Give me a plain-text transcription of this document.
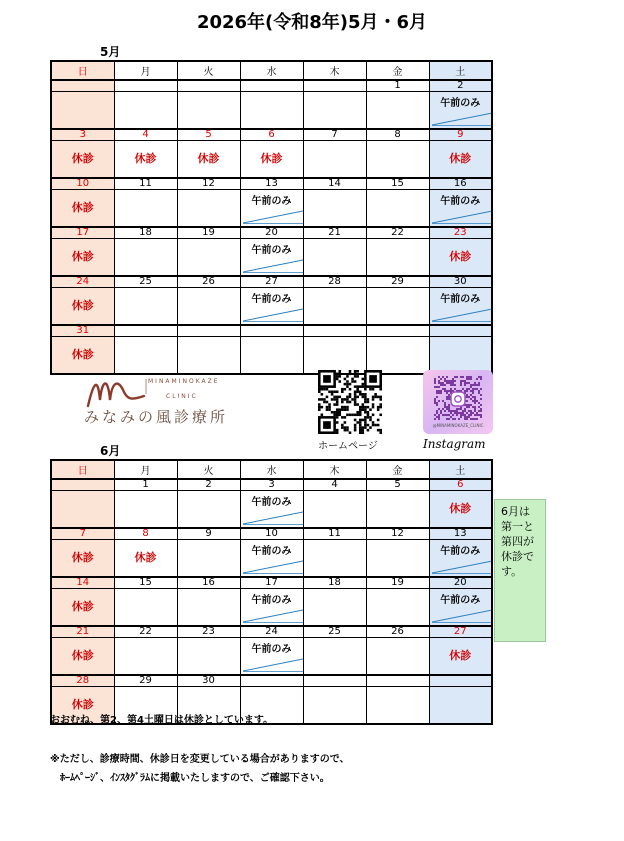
2026年(令和8年)5月・6月
5月
日	月	火	水	木	金	土
					1	2

						午前のみ

3	4	5	6	7	8	9

休診	休診	休診	休診			休診

10	11	12	13	14	15	16

休診			午前のみ			午前のみ

17	18	19	20	21	22	23

休診			午前のみ			休診

24	25	26	27	28	29	30

休診			午前のみ			午前のみ

31						

休診						

MINAMINOKAZE
CLINIC
みなみの風診療所
ホームページ
@MINAMINOKAZE_CLINIC
Instagram
6月
日	月	火	水	木	金	土
	1	2	3	4	5	6

			午前のみ			休診

7	8	9	10	11	12	13

休診	休診		午前のみ			午前のみ

14	15	16	17	18	19	20

休診			午前のみ			午前のみ

21	22	23	24	25	26	27

休診			午前のみ			休診

28	29	30				

休診						

6月は第一と第四が休診です。
おおむね、第2、第4土曜日は休診としています。
※ただし、診療時間、休診日を変更している場合がありますので、
　ﾎｰﾑﾍﾟｰｼﾞ、ｲﾝｽﾀｸﾞﾗﾑに掲載いたしますので、ご確認下さい。
